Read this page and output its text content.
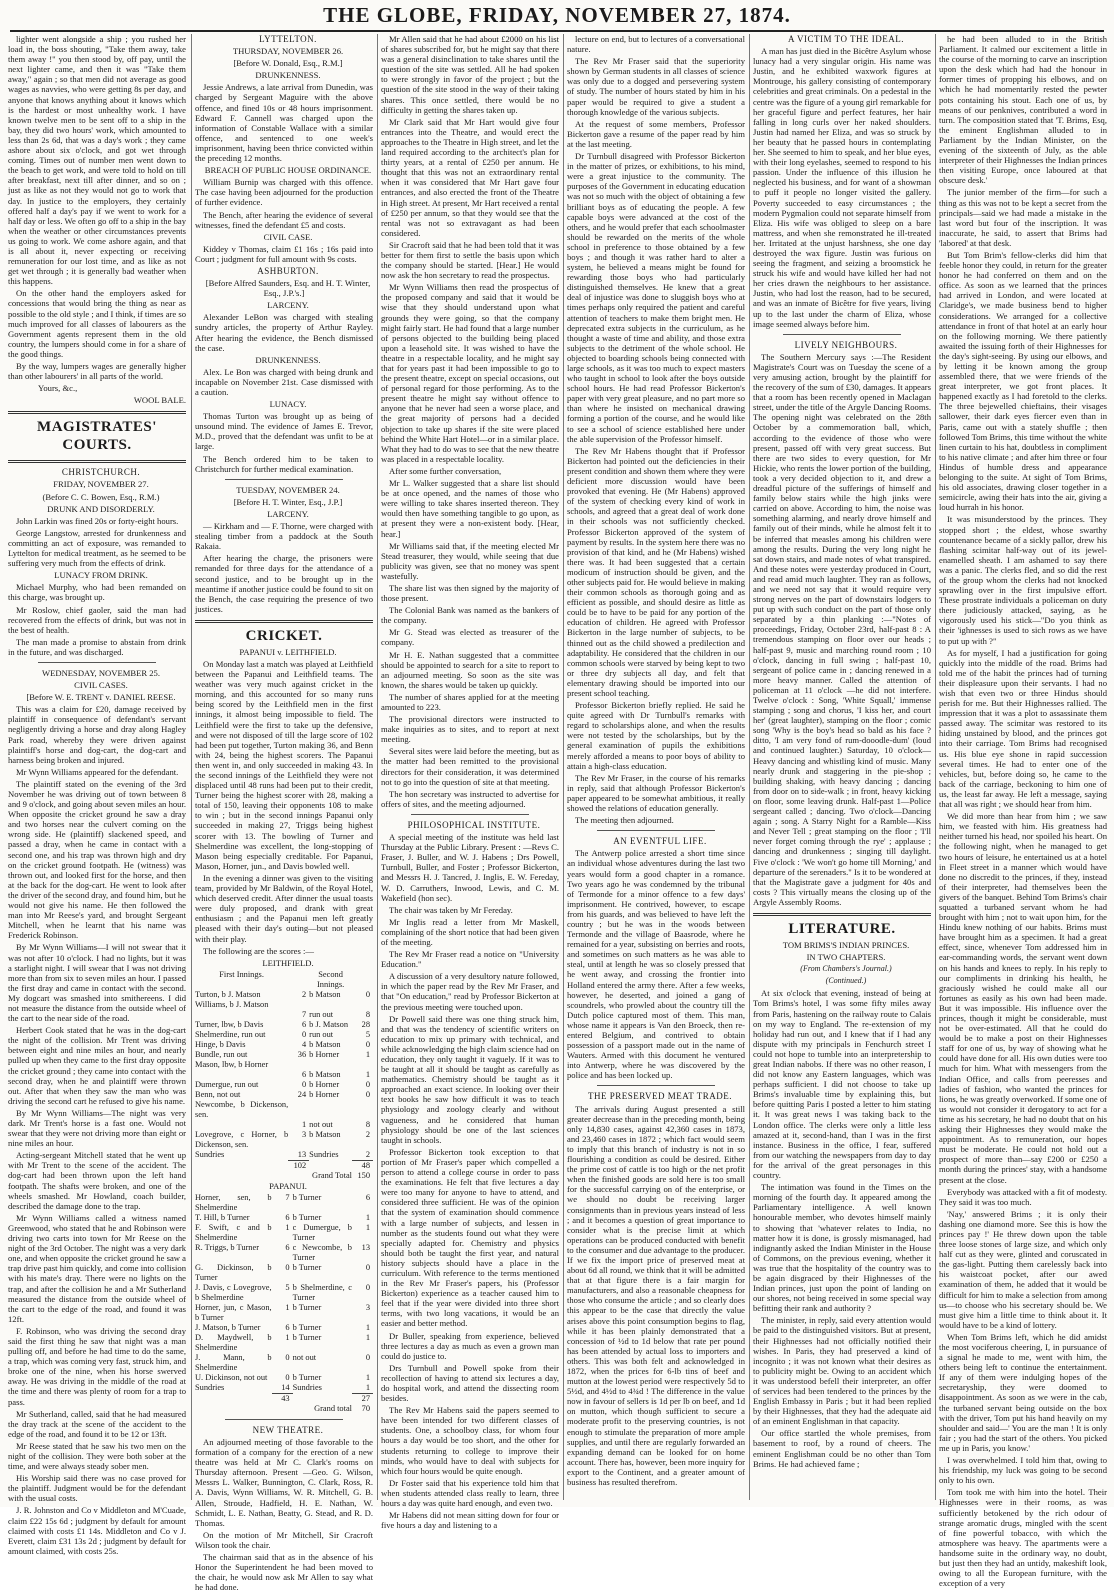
THE GLOBE, FRIDAY, NOVEMBER 27, 1874.

lighter went alongside a ship ; you rushed her load in, the boss shouting, "Take them away, take them away !" you then stood by, off pay, until the next lighter came, and then it was "Take them away," again ; so that men did not average as good wages as navvies, who were getting 8s per day, and anyone that knows anything about it knows which is the hardest or most unhealthy work. I have known twelve men to be sent off to a ship in the bay, they did two hours' work, which amounted to less than 2s 6d, that was a day's work ; they came ashore about six o'clock, and got wet through coming. Times out of number men went down to the beach to get work, and were told to hold on till after breakfast, next till after dinner, and so on ; just as like as not they would not go to work that day. In justice to the employers, they certainly offered half a day's pay if we went to work for a half day or less. We often go off to a ship in the bay when the weather or other circumstances prevents us going to work. We come ashore again, and that is all about it, never expecting or receiving remuneration for our lost time, and as like as not get wet through ; it is generally bad weather when this happens.

On the other hand the employers asked for concessions that would bring the thing as near as possible to the old style ; and I think, if times are so much improved for all classes of labourers as the Government agents represent them in the old country, the lumpers should come in for a share of the good things.

By the way, lumpers wages are generally higher than other labourers' in all parts of the world.

Yours, &c.,

WOOL BALE.

MAGISTRATES' COURTS.

CHRISTCHURCH.

FRIDAY, NOVEMBER 27.

(Before C. C. Bowen, Esq., R.M.)

DRUNK AND DISORDERLY.

John Larkin was fined 20s or forty-eight hours.

George Langstow, arrested for drunkenness and committing an act of exposure, was remanded to Lyttelton for medical treatment, as he seemed to be suffering very much from the effects of drink.

LUNACY FROM DRINK.

Michael Murphy, who had been remanded on this charge, was brought up.

Mr Roslow, chief gaoler, said the man had recovered from the effects of drink, but was not in the best of health.

The man made a promise to abstain from drink in the future, and was discharged.

WEDNESDAY, NOVEMBER 25.

CIVIL CASES.

[Before W. E. TRENT v. DANIEL REESE.

This was a claim for £20, damage received by plaintiff in consequence of defendant's servant negligently driving a horse and dray along Hagley Park road, whereby they were driven against plaintiff's horse and dog-cart, the dog-cart and harness being broken and injured.

Mr Wynn Williams appeared for the defendant.

The plaintiff stated on the evening of the 3rd November he was driving out of town between 8 and 9 o'clock, and going about seven miles an hour. When opposite the cricket ground he saw a dray and two horses near the culvert coming on the wrong side. He (plaintiff) slackened speed, and passed a dray, when he came in contact with a second one, and his trap was thrown high and dry on the cricket ground footpath. He (witness) was thrown out, and looked first for the horse, and then at the back for the dog-cart. He went to look after the driver of the second dray, and found him, but he would not give his name. He then followed the man into Mr Reese's yard, and brought Sergeant Mitchell, when he learnt that his name was Frederick Robinson.

By Mr Wynn Williams—I will not swear that it was not after 10 o'clock. I had no lights, but it was a starlight night. I will swear that I was not driving more than from six to seven miles an hour. I passed the first dray and came in contact with the second. My dogcart was smashed into smithereens. I did not measure the distance from the outside wheel of the cart to the near side of the road.

Herbert Cook stated that he was in the dog-cart the night of the collision. Mr Trent was driving between eight and nine miles an hour, and nearly pulled up when they came to the first dray opposite the cricket ground ; they came into contact with the second dray, when he and plaintiff were thrown out. After that when they saw the man who was driving the second cart he refused to give his name.

By Mr Wynn Williams—The night was very dark. Mr Trent's horse is a fast one. Would not swear that they were not driving more than eight or nine miles an hour.

Acting-sergeant Mitchell stated that he went up with Mr Trent to the scene of the accident. The dog-cart had been thrown upon the left hand footpath. The shafts were broken, and one of the wheels smashed. Mr Howland, coach builder, described the damage done to the trap.

Mr Wynn Williams called a witness named Greenwood, who stated that he and Robinson were driving two carts into town for Mr Reese on the night of the 3rd October. The night was a very dark one, and when opposite the cricket ground he saw a trap drive past him quickly, and come into collision with his mate's dray. There were no lights on the trap, and after the collision he and a Mr Sutherland measured the distance from the outside wheel of the cart to the edge of the road, and found it was 12ft.

F. Robinson, who was driving the second dray said the first thing he saw that night was a man pulling off, and before he had time to do the same, a trap, which was coming very fast, struck him, and broke one of the nine, when his horse swerved away. He was driving in the middle of the road at the time and there was plenty of room for a trap to pass.

Mr Sutherland, called, said that he had measured the dray track at the scene of the accident to the edge of the road, and found it to be 12 or 13ft.

Mr Reese stated that he saw his two men on the night of the collision. They were both sober at the time, and were always steady sober men.

His Worship said there was no case proved for the plaintiff. Judgment would be for the defendant with the usual costs.

J. R. Johnston and Co v Middleton and M'Cuade, claim £22 15s 6d ; judgment by default for amount claimed with costs £1 14s. Middleton and Co v J. Everett, claim £31 13s 2d ; judgment by default for amount claimed, with costs 25s.

LYTTELTON.

THURSDAY, NOVEMBER 26.

[Before W. Donald, Esq., R.M.]

DRUNKENNESS.

Jessie Andrews, a late arrival from Dunedin, was charged by Sergeant Maguire with the above offence, and fined 10s or 48 hours imprisonment. Edward F. Cannell was charged upon the information of Constable Wallace with a similar offence, and sentenced to one week's imprisonment, having been thrice convicted within the preceding 12 months.

BREACH OF PUBLIC HOUSE ORDINANCE.

William Burnip was charged with this offence. The case having been adjourned for the production of further evidence.

The Bench, after hearing the evidence of several witnesses, fined the defendant £5 and costs.

CIVIL CASE.

Kiddey v Thomas, claim £1 16s ; 16s paid into Court ; judgment for full amount with 9s costs.

ASHBURTON.

[Before Alfred Saunders, Esq. and H. T. Winter, Esq., J.P.'s.]

LARCENY.

Alexander LeBon was charged with stealing sundry articles, the property of Arthur Rayley. After hearing the evidence, the Bench dismissed the case.

DRUNKENNESS.

Alex. Le Bon was charged with being drunk and incapable on November 21st. Case dismissed with a caution.

LUNACY.

Thomas Turton was brought up as being of unsound mind. The evidence of James E. Trevor, M.D., proved that the defendant was unfit to be at large.

The Bench ordered him to be taken to Christchurch for further medical examination.

TUESDAY, NOVEMBER 24.

[Before H. T. Winter, Esq., J.P.]

LARCENY.

— Kirkham and — F. Thorne, were charged with stealing timber from a paddock at the South Rakaia.

After hearing the charge, the prisoners were remanded for three days for the attendance of a second justice, and to be brought up in the meantime if another justice could be found to sit on the Bench, the case requiring the presence of two justices.

CRICKET.

PAPANUI v. LEITHFIELD.

On Monday last a match was played at Leithfield between the Papanui and Leithfield teams. The weather was very much against cricket in the morning, and this accounted for so many runs being scored by the Leithfield men in the first innings, it almost being impossible to field. The Leithfield were the first to take up the defensive, and were not disposed of till the large score of 102 had been put together, Turton making 36, and Benn with 24, being the highest scorers. The Papanui then went in, and only succeeded in making 43. In the second innings of the Leithfield they were not displaced until 48 runs had been put to their credit, Turner being the highest scorer with 28, making a total of 150, leaving their opponents 108 to make to win ; but in the second innings Papanui only succeeded in making 27, Triggs being highest scorer with 13. The bowling of Turner and Shelmerdine was excellent, the long-stopping of Mason being especially creditable. For Papanui, Mason, Horner, jun., and Davis bowled well.

In the evening a dinner was given to the visiting team, provided by Mr Baldwin, of the Royal Hotel, which deserved credit. After dinner the usual toasts were duly proposed, and drank with great enthusiasm ; and the Papanui men left greatly pleased with their day's outing—but not pleased with their play.

The following are the scores :—

LEITHFIELD.

First Innings.		Second Innings.	
Turton, b J. Matson	2	b Matson	0
Williams, b J. Matson			
	7	run out	8
Turner, lbw, b Davis	6	b J. Matson	28
Shelmerdine, run out	0	run out	5
Hinge, b Davis	4	b Matson	0
Bundle, run out	36	b Horner	1
Mason, lbw, b Horner			
	6	b Matson	1
Dumergue, run out	0	b Horner	0
Benn, not out	24	b Horner	0
Newcombe, b Dickenson, sen.			
	1	not out	8
Lovegrove, c Horner, b Dickenson, sen.	3	b Matson	2
Sundries	13	Sundries	2
	102		48
		Grand Total	150

PAPANUI.

Horner, sen, b Shelmerdine	7	b Turner	6
T. Hill, b Turner	6	b Turner	1
F. Swift, c and b Shelmerdine	1	c Dumergue, b Turner	1
R. Triggs, b Turner	6	c Newcombe, b Turner	13
G. Dickinson, b Turner	0	b Turner	0
J. Davis, c Lovegrove, b Shelmerdine	5	b Shelmerdine, c Turner	0
Horner, jun, c Mason, b Turner	1	b Turner	3
J. Matson, b Turner	6	b Turner	1
D. Maydwell, b Shelmerdine	1	b Turner	1
J. Mann, b Shelmerdine	0	not out	0
U. Dickinson, not out	0	b Turner	1
Sundries	14	Sundries	1
	43		27
		Grand total	70

NEW THEATRE.

An adjourned meeting of those favorable to the formation of a company for the erection of a new theatre was held at Mr C. Clark's rooms on Thursday afternoon. Present —Geo. G. Wilson, Messrs L. Walker, Bunnington, C. Clark, Ross, R. A. Davis, Wynn Williams, W. R. Mitchell, G. B. Allen, Stroude, Hadfield, H. E. Nathan, W. Schmidt, L. E. Nathan, Beatty, G. Stead, and R. D. Thomas.

On the motion of Mr Mitchell, Sir Cracroft Wilson took the chair.

The chairman said that as in the absence of his Honor the Superintendent he had been moved to the chair, he would now ask Mr Allen to say what he had done.

Mr Allen said that he had about £2000 on his list of shares subscribed for, but he might say that there was a general disinclination to take shares until the question of the site was settled. All he had spoken to were strongly in favor of the project ; but the question of the site stood in the way of their taking shares. This once settled, there would be no difficulty in getting the shares taken up.

Mr Clark said that Mr Hart would give four entrances into the Theatre, and would erect the approaches to the Theatre in High street, and let the land required according to the architect's plan for thirty years, at a rental of £250 per annum. He thought that this was not an extraordinary rental when it was considered that Mr Hart gave four entrances, and also erected the front of the Theatre in High street. At present, Mr Hart received a rental of £250 per annum, so that they would see that the rental was not so extravagant as had been considered.

Sir Cracroft said that he had been told that it was better for them first to settle the basis upon which the company should be started. [Hear.] He would now ask the hon secretary to read the prospectus.

Mr Wynn Williams then read the prospectus of the proposed company and said that it would be wise that they should understand upon what grounds they were going, so that the company might fairly start. He had found that a large number of persons objected to the building being placed upon a leasehold site. It was wished to have the theatre in a respectable locality, and he might say that for years past it had been impossible to go to the present theatre, except on special occasions, out of personal regard for those performing. As to the present theatre he might say without offence to anyone that he never had seen a worse place, and the great majority of persons had a decided objection to take up shares if the site were placed behind the White Hart Hotel—or in a similar place. What they had to do was to see that the new theatre was placed in a respectable locality.

After some further conversation,

Mr L. Walker suggested that a share list should be at once opened, and the names of those who were willing to take shares inserted thereon. They would then have something tangible to go upon, as at present they were a non-existent body. [Hear, hear.]

Mr Williams said that, if the meeting elected Mr Stead treasurer, they would, while seeing that due publicity was given, see that no money was spent wastefully.

The share list was then signed by the majority of those present.

The Colonial Bank was named as the bankers of the company.

Mr G. Stead was elected as treasurer of the company.

Mr H. E. Nathan suggested that a committee should be appointed to search for a site to report to an adjourned meeting. So soon as the site was known, the shares would be taken up quickly.

The number of shares applied for at the meeting amounted to 223.

The provisional directors were instructed to make inquiries as to sites, and to report at next meeting.

Several sites were laid before the meeting, but as the matter had been remitted to the provisional directors for their consideration, it was determined not to go into the question of site at that meeting.

The hon secretary was instructed to advertise for offers of sites, and the meeting adjourned.

PHILOSOPHICAL INSTITUTE.

A special meeting of the institute was held last Thursday at the Public Library. Present : —Revs C. Fraser, J. Buller, and W. J. Habens ; Drs Powell, Turnbull, Buller, and Foster ; Professor Bickerton, and Messrs H. J. Tancred, J. Inglis, E. W. Fereday, W. D. Carruthers, Inwood, Lewis, and C. M. Wakefield (hon sec).

The chair was taken by Mr Fereday.

Mr Inglis read a letter from Mr Maskell, complaining of the short notice that had been given of the meeting.

The Rev Mr Fraser read a notice on "University Education."

A discussion of a very desultory nature followed, in which the paper read by the Rev Mr Fraser, and that "On education," read by Professor Bickerton at the previous meeting were touched upon.

Dr Powell said there was one thing struck him, and that was the tendency of scientific writers on education to mix up primary with technical, and while acknowledging the high claim science had on education, they only taught it vaguely. If it was to be taught at all it should be taught as carefully as mathematics. Chemistry should be taught as it approached an exact science. In looking over their text books he saw how difficult it was to teach physiology and zoology clearly and without vagueness, and he considered that human physiology should be one of the last sciences taught in schools.

Professor Bickerton took exception to that portion of Mr Fraser's paper which compelled a person to attend a college course in order to pass the examinations. He felt that five lectures a day were too many for anyone to have to attend, and considered three sufficient. He was of the opinion that the system of examination should commence with a large number of subjects, and lessen in number as the students found out what they were specially adapted for. Chemistry and physics should both be taught the first year, and natural history subjects should have a place in the curriculum. With reference to the terms mentioned in the Rev Mr Fraser's papers, his (Professor Bickerton) experience as a teacher caused him to feel that if the year were divided into three short terms, with two long vacations, it would be an easier and better method.

Dr Buller, speaking from experience, believed three lectures a day as much as even a grown man could do justice to.

Drs Turnbull and Powell spoke from their recollection of having to attend six lectures a day, do hospital work, and attend the dissecting room besides.

The Rev Mr Habens said the papers seemed to have been intended for two different classes of students. One, a schoolboy class, for whom four hours a day would be too short, and the other for students returning to college to improve their minds, who would have to deal with subjects for which four hours would be quite enough.

Dr Foster said that his experience told him that when students attended class really to learn, three hours a day was quite hard enough, and even two.

Mr Habens did not mean sitting down for four or five hours a day and listening to a

lecture on end, but to lectures of a conversational nature.

The Rev Mr Fraser said that the superiority shown by German students in all classes of science was only due to a dogged and persevering system of study. The number of hours stated by him in his paper would be required to give a student a thorough knowledge of the various subjects.

At the request of some members, Professor Bickerton gave a resume of the paper read by him at the last meeting.

Dr Turnbull disagreed with Professor Bickerton in the matter of prizes, or exhibitions, to his mind, were a great injustice to the community. The purposes of the Government in educating education was not so much with the object of obtaining a few brilliant boys as of educating the people. A few capable boys were advanced at the cost of the others, and he would prefer that each schoolmaster should be rewarded on the merits of the whole school in preference to those obtained by a few boys ; and though it was rather hard to alter a system, he believed a means might be found for rewarding those boys who had particularly distinguished themselves. He knew that a great deal of injustice was done to sluggish boys who at times perhaps only required the patient and careful attention of teachers to make them bright men. He deprecated extra subjects in the curriculum, as he thought a waste of time and ability, and those extra subjects to the detriment of the whole school. He objected to boarding schools being connected with large schools, as it was too much to expect masters who taught in school to look after the boys outside school hours. He had read Professor Bickerton's paper with very great pleasure, and no part more so than where he insisted on mechanical drawing forming a portion of the course, and he would like to see a school of science established here under the able supervision of the Professor himself.

The Rev Mr Habens thought that if Professor Bickerton had pointed out the deficiencies in their present condition and shown them where they were deficient more discussion would have been provoked that evening. He (Mr Habens) approved of the system of checking every kind of work in schools, and agreed that a great deal of work done in their schools was not sufficiently checked. Professor Bickerton approved of the system of payment by results. In the system here there was no provision of that kind, and he (Mr Habens) wished there was. It had been suggested that a certain modicum of instruction should be given, and the other subjects paid for. He would believe in making their common schools as thorough going and as efficient as possible, and should desire as little as could be to have to be paid for any portion of the education of children. He agreed with Professor Bickerton in the large number of subjects, to be thinned out as the child showed a predilection and adaptability. He considered that the children in our common schools were starved by being kept to two or three dry subjects all day, and felt that elementary drawing should be imported into our present school teaching.

Professor Bickerton briefly replied. He said he quite agreed with Dr Turnbull's remarks with regard to scholarships alone, and when the results were not tested by the scholarships, but by the general examination of pupils the exhibitions merely afforded a means to poor boys of ability to attain a high-class education.

The Rev Mr Fraser, in the course of his remarks in reply, said that although Professor Bickerton's paper appeared to be somewhat ambitious, it really showed the relations of education generally.

The meeting then adjourned.

AN EVENTFUL LIFE.

The Antwerp police arrested a short time since an individual whose adventures during the last two years would form a good chapter in a romance. Two years ago he was condemned by the tribunal of Termonde for a minor offence to a few days' imprisonment. He contrived, however, to escape from his guards, and was believed to have left the country ; but he was in the woods between Termonde and the village of Baasrode, where he remained for a year, subsisting on berries and roots, and sometimes on such matters as he was able to steal, until at length he was so closely pressed that he went away, and crossing the frontier into Holland entered the army there. After a few weeks, however, he deserted, and joined a gang of scoundrels, who prowled about the country till the Dutch police captured most of them. This man, whose name it appears is Van den Broeck, then re-entered Belgium, and contrived to obtain possession of a passport made out in the name of Wauters. Armed with this document he ventured into Antwerp, where he was discovered by the police and has been locked up.

THE PRESERVED MEAT TRADE.

The arrivals during August presented a still greater decrease than in the preceding month, being only 14,830 cases, against 42,360 cases in 1873, and 23,460 cases in 1872 ; which fact would seem to imply that this branch of industry is not in so flourishing a condition as could be desired. Either the prime cost of cattle is too high or the net profit when the finished goods are sold here is too small for the successful carrying on of the enterprise, or we should no doubt be receiving larger consignments than in previous years instead of less ; and it becomes a question of great importance to consider what is the precise limit at which operations can be produced conducted with benefit to the consumer and due advantage to the producer. If we fix the import price of preserved meat at about 6d all round, we think that it will be admitted that at that figure there is a fair margin for manufacturers, and also a reasonable cheapness for those who consume the article ; and so clearly does this appear to be the case that directly the value arises above this point consumption begins to flag, while it has been plainly demonstrated that a concession of ½d to 1d below that rate per pound has been attended by actual loss to importers and others. This was both felt and acknowledged in 1872, when the prices for 6-lb tins of beef and mutton at the lowest period were respectively 5d to 5½d, and 4½d to 4¾d ! The difference in the value now in favour of sellers is 1d per lb on beef, and 1d on mutton, which though sufficient to secure a moderate profit to the preserving countries, is not enough to stimulate the preparation of more ample supplies, and until there are regularly forwarded an expanding demand can be looked for on home account. There has, however, been more inquiry for export to the Continent, and a greater amount of business has resulted therefrom.

A VICTIM TO THE IDEAL.

A man has just died in the Bicêtre Asylum whose lunacy had a very singular origin. His name was Justin, and he exhibited waxwork figures at Montrouge, his gallery consisting of contemporary celebrities and great criminals. On a pedestal in the centre was the figure of a young girl remarkable for her graceful figure and perfect features, her hair falling in long curls over her naked shoulders. Justin had named her Eliza, and was so struck by her beauty that he passed hours in contemplating her. She seemed to him to speak, and her blue eyes, with their long eyelashes, seemed to respond to his passion. Under the influence of this illusion he neglected his business, and for want of a showman to puff it people no longer visited the gallery. Poverty succeeded to easy circumstances ; the modern Pygmalion could not separate himself from Eliza. His wife was obliged to sleep on a bare mattress, and when she remonstrated he ill-treated her. Irritated at the unjust harshness, she one day destroyed the wax figure. Justin was furious on seeing the fragment, and seizing a broomstick he struck his wife and would have killed her had not her cries drawn the neighbours to her assistance. Justin, who had lost the reason, had to be secured, and was an inmate of Bicêtre for five years, living up to the last under the charm of Eliza, whose image seemed always before him.

LIVELY NEIGHBOURS.

The Southern Mercury says :—The Resident Magistrate's Court was on Tuesday the scene of a very amusing action, brought by the plaintiff for the recovery of the sum of £30, damages. It appears that a room has been recently opened in Maclagan street, under the title of the Argyle Dancing Rooms. The opening night was celebrated on the 28th October by a commemoration ball, which, according to the evidence of those who were present, passed off with very great success. But there are two sides to every question, for Mr Hickie, who rents the lower portion of the building, took a very decided objection to it, and drew a dreadful picture of the sufferings of himself and family below stairs while the high jinks were carried on above. According to him, the noise was something alarming, and nearly drove himself and family out of their minds, while he almost felt it to be inferred that measles among his children were among the results. During the very long night he sat down stairs, and made notes of what transpired. And these notes were yesterday produced in Court, and read amid much laughter. They ran as follows, and we need not say that it would require very strong nerves on the part of downstairs lodgers to put up with such conduct on the part of those only separated by a thin planking :—"Notes of proceedings, Friday, October 23rd, half-past 8 : A tremendous stamping on floor over our heads ; half-past 9, music and marching round room ; 10 o'clock, dancing in full swing ; half-past 10, sergeant of police came in ; dancing renewed in a more heavy manner. Called the attention of policeman at 11 o'clock —he did not interfere. Twelve o'clock : Song, 'White Squall,' immense stamping ; song and chorus, 'I kiss her, and court her' (great laughter), stamping on the floor ; comic song 'Why is the boy's head so bald as his face ? ditto, 'I am very fond of rum-dooodle-dum' (loud and continued laughter.) Saturday, 10 o'clock—Heavy dancing and whistling kind of music. Many nearly drunk and staggering in the pie-shop ; building shaking, with heavy dancing ; dancing from door on to side-walk ; in front, heavy kicking on floor, some leaving drunk. Half-past 1—Police sergeant called ; dancing. Two o'clock—Dancing again ; song. A Starry Night for a Ramble—Kiss and Never Tell ; great stamping on the floor ; 'I'll never forget coming through the rye' ; applause ; dancing and drunkenness ; singing till daylight. Five o'clock : 'We won't go home till Morning,' and departure of the serenaders." Is it to be wondered at that the Magistrate gave a judgment for 40s and costs ? This virtually means the closing up of the Argyle Assembly Rooms.

LITERATURE.

TOM BRIMS'S INDIAN PRINCES.

IN TWO CHAPTERS.

(From Chambers's Journal.)

(Continued.)

At six o'clock that evening, instead of being at Tom Brims's hotel, I was some fifty miles away from Paris, hastening on the railway route to Calais on my way to England. The re-extension of my holiday had run out, and I knew that if I had any dispute with my principals in Fenchurch street I could not hope to tumble into an interpretership to great Indian nabobs. If there was no other reason, I did not know any Eastern languages, which was perhaps sufficient. I did not choose to take up Brims's invaluable time by explaining this, but before quitting Paris I posted a letter to him stating it. It was great news I was taking back to the London office. The clerks were only a little less amazed at it, second-hand, than I was in the first instance. Business in the office, I fear, suffered from our watching the newspapers from day to day for the arrival of the great personages in this country.

The intimation was found in the Times on the morning of the fourth day. It appeared among the Parliamentary intelligence. A well known honourable member, who devotes himself mainly to showing that 'whatever relates to India, no matter how it is done, is grossly mismanaged, had indignantly asked the Indian Minister in the House of Commons, on the previous evening, whether it was true that the hospitality of the country was to be again disgraced by their Highnesses of the Indian princes, just upon the point of landing on our shores, not being received in some special way befitting their rank and authority ?

The minister, in reply, said every attention would be paid to the distinguished visitors. But at present, their Highnesses had not officially notified their wishes. In Paris, they had preserved a kind of incognito ; it was not known what their desires as to publicity might be. Owing to an accident which it was understood befell their interpreter, an offer of services had been tendered to the princes by the English Embassy in Paris ; but it had been replied by their Highnesses, that they had the adequate aid of an eminent Englishman in that capacity.

Our office startled the whole premises, from basement to roof, by a round of cheers. The eminent Englishman could be no other than Tom Brims. He had achieved fame ;

he had been alluded to in the British Parliament. It calmed our excitement a little in the course of the morning to carve an inscription upon the desk which had had the honour in former times of propping his elbows, and on which he had momentarily rested the pewter pots containing his stout. Each one of us, by means of our penknives, contributed a word in turn. The composition stated that 'T. Brims, Esq, the eminent Englishman alluded to in Parliament by the Indian Minister, on the evening of the sixteenth of July, as the able interpreter of their Highnesses the Indian princes then visiting Europe, once laboured at that obscure desk.'

The junior member of the firm—for such a thing as this was not to be kept a secret from the principals—said we had made a mistake in the last word but four of the inscription. It was inaccurate, he said, to assert that Brims had 'labored' at that desk.

But Tom Brim's fellow-clerks did him that feeble honor they could, in return for the greater honor he had conferred on them and on the office. As soon as we learned that the princes had arrived in London, and were located at Claridge's, we made business bend to higher considerations. We arranged for a collective attendance in front of that hotel at an early hour on the following morning. We there patiently awaited the issuing forth of their Highnesses for the day's sight-seeing. By using our elbows, and by letting it be known among the group assembled there, that we were friends of the great interpreter, we got front places. It happened exactly as I had foretold to the clerks. The three bejewelled chieftains, their visages sallower, their dark eyes fiercer even than in Paris, came out with a stately shuffle ; then followed Tom Brims, this time without the white linen curtain to his hat, doubtless in compliment to his native climate ; and after him three or four Hindus of humble dress and appearance belonging to the suite. At sight of Tom Brims, his old associates, drawing closer together in a semicircle, awing their hats into the air, giving a loud hurrah in his honor.

It was misunderstood by the princes. They stopped short ; the eldest, whose swarthy countenance became of a sickly pallor, drew his flashing scimitar half-way out of its jewel-enamelled sheath. I am ashamed to say there was a panic. The clerks fled, and so did the rest of the group whom the clerks had not knocked sprawling over in the first impulsive effort. These prostrate individuals a policeman on duty there judiciously attacked, saying, as he vigorously used his stick—"Do you think as their 'ighnesses is used to sich rows as we have to put up with ?"

As for myself, I had a justification for going quickly into the middle of the road. Brims had told me of the habit the princes had of turning their displeasure upon their servants. I had no wish that even two or three Hindus should perish for me. But their Highnesses rallied. The impression that it was a plot to assassinate them passed away. The scimitar was restored to its hiding unstained by blood, and the princes got into their carriage. Tom Brims had recognised us. His blue eye shone in rapid succession several times. He had to enter one of the vehicles, but, before doing so, he came to the back of the carriage, beckoning to him one of us, the least far away. He left a message, saying that all was right ; we should hear from him.

We did more than hear from him ; we saw him, we feasted with him. His greatness had neither turned his head, nor spoiled his heart. On the following night, when he managed to get two hours of leisure, he entertained us at a hotel in Fleet street in a manner which would have done no discredit to the princes, if they, instead of their interpreter, had themselves been the givers of the banquet. Behind Tom Brims's chair squatted a turbaned servant whom he had brought with him ; not to wait upon him, for the Hindu knew nothing of our habits. Brims must have brought him as a specimen. It had a great effect, since, whenever Tom addressed him in ear-commanding words, the servant went down on his hands and knees to reply. In his reply to our compliments in drinking his health, he graciously wished he could make all our fortunes as easily as his own had been made. But it was impossible. His influence over the princes, though it might be considerable, must not be over-estimated. All that he could do would be to make a post on their Highnesses staff for one of us, by way of showing what he could have done for all. His own duties were too much for him. What with messengers from the Indian Office, and calls from peeresses and ladies of fashion, who wanted the princes for lions, he was greatly overworked. If some one of us would not consider it derogatory to act for a time as his secretary, he had no doubt that on his asking their Highnesses they would make the appointment. As to remuneration, our hopes must be moderate. He could not hold out a prospect of more than—say £200 or £250 a month during the princes' stay, with a handsome present at the close.

Everybody was attacked with a fit of modesty. They said it was too much.

'Nay,' answered Brims ; it is only their dashing one diamond more. See this is how the princes pay !' He threw down upon the table three loose stones of large size, and which only half cut as they were, glinted and coruscated in the gas-light. Putting them carelessly back into his waistcoat pocket, after our awed examination of them, he added that it would be difficult for him to make a selection from among us—to choose who his secretary should be. We must give him a little time to think about it. It would have to be a kind of lottery.

When Tom Brims left, which he did amidst the most vociferous cheering, I, in pursuance of a signal he made to me, went with him, the others being left to continue the entertainment. If any of them were indulging hopes of the secretaryship, they were doomed to disappointment. As soon as we were in the cab, the turbaned servant being outside on the box with the driver, Tom put his hand heavily on my shoulder and said—' You are the man ! It is only fair ; you had the start of the others. You picked me up in Paris, you know.'

I was overwhelmed. I told him that, owing to his friendship, my luck was going to be second only to his own.

Tom took me with him into the hotel. Their Highnesses were in their rooms, as was sufficiently betokened by the rich odour of strange aromatic drugs, mingled with the scent of fine powerful tobacco, with which the atmosphere was heavy. The apartments were a handsome suite in the ordinary way, no doubt, but just then they had an untidy, makeshift look, owing to all the European furniture, with the exception of a very
